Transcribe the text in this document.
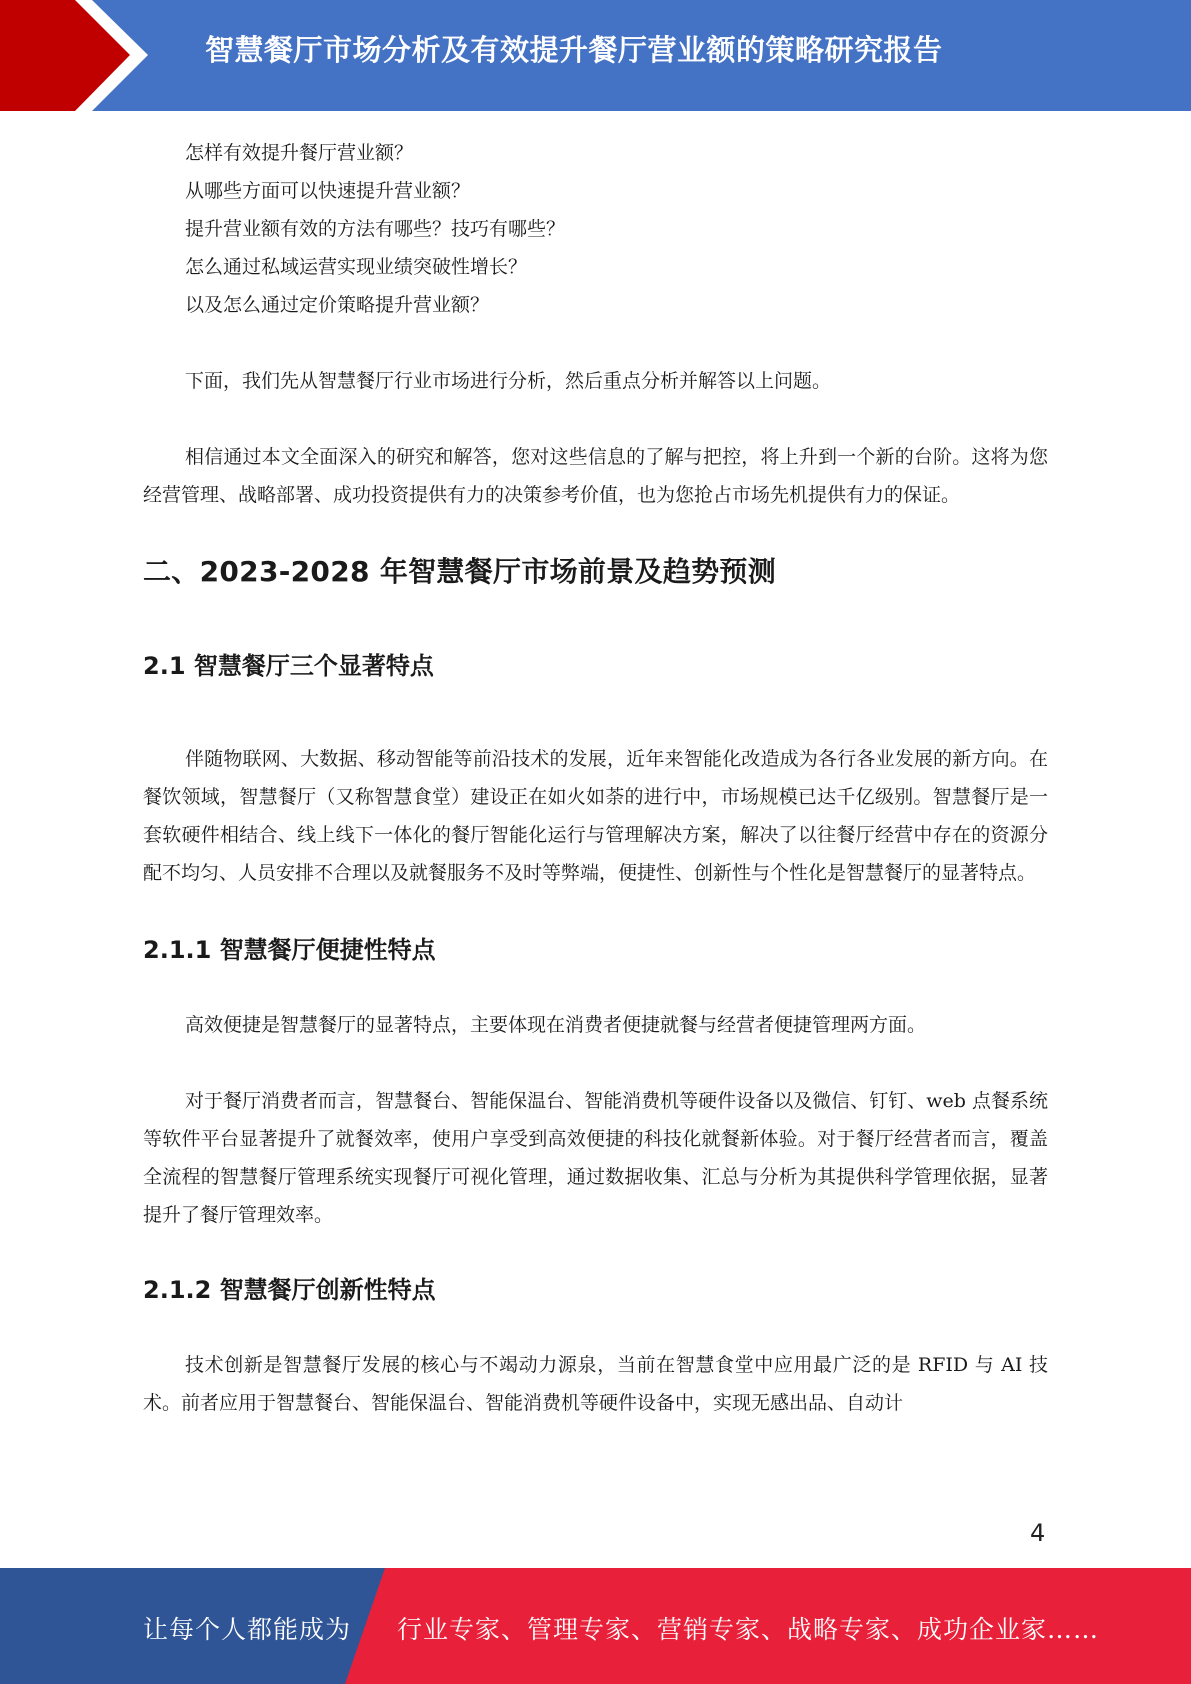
智慧餐厅市场分析及有效提升餐厅营业额的策略研究报告

怎样有效提升餐厅营业额？

从哪些方面可以快速提升营业额？

提升营业额有效的方法有哪些？技巧有哪些？

怎么通过私域运营实现业绩突破性增长？

以及怎么通过定价策略提升营业额？

下面，我们先从智慧餐厅行业市场进行分析，然后重点分析并解答以上问题。

相信通过本文全面深入的研究和解答，您对这些信息的了解与把控，将上升到一个新的台阶。这将为您经营管理、战略部署、成功投资提供有力的决策参考价值，也为您抢占市场先机提供有力的保证。

二、2023-2028 年智慧餐厅市场前景及趋势预测
2.1 智慧餐厅三个显著特点

伴随物联网、大数据、移动智能等前沿技术的发展，近年来智能化改造成为各行各业发展的新方向。在餐饮领域，智慧餐厅（又称智慧食堂）建设正在如火如荼的进行中，市场规模已达千亿级别。智慧餐厅是一套软硬件相结合、线上线下一体化的餐厅智能化运行与管理解决方案，解决了以往餐厅经营中存在的资源分配不均匀、人员安排不合理以及就餐服务不及时等弊端，便捷性、创新性与个性化是智慧餐厅的显著特点。

2.1.1 智慧餐厅便捷性特点

高效便捷是智慧餐厅的显著特点，主要体现在消费者便捷就餐与经营者便捷管理两方面。

对于餐厅消费者而言，智慧餐台、智能保温台、智能消费机等硬件设备以及微信、钉钉、web 点餐系统等软件平台显著提升了就餐效率，使用户享受到高效便捷的科技化就餐新体验。对于餐厅经营者而言，覆盖全流程的智慧餐厅管理系统实现餐厅可视化管理，通过数据收集、汇总与分析为其提供科学管理依据，显著提升了餐厅管理效率。

2.1.2 智慧餐厅创新性特点

技术创新是智慧餐厅发展的核心与不竭动力源泉，当前在智慧食堂中应用最广泛的是 RFID 与 AI 技术。前者应用于智慧餐台、智能保温台、智能消费机等硬件设备中，实现无感出品、自动计

4
让每个人都能成为 行业专家、管理专家、营销专家、战略专家、成功企业家……
